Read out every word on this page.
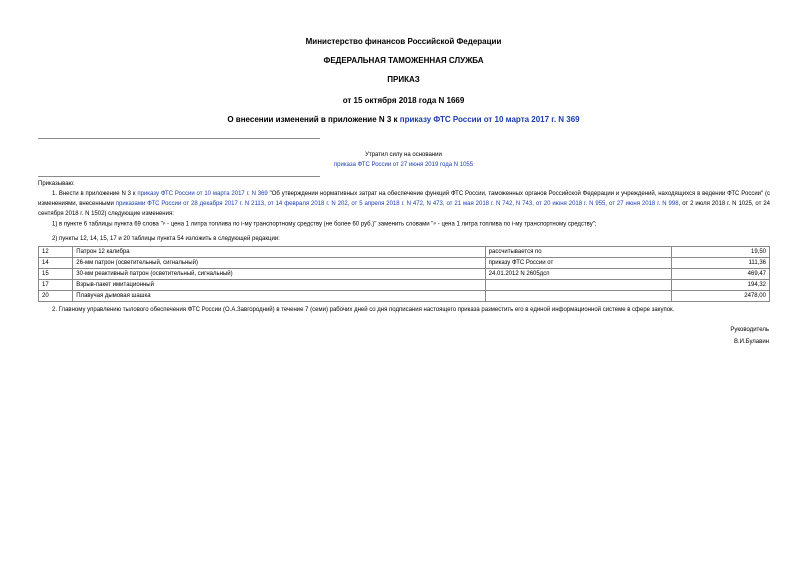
Министерство финансов Российской Федерации
ФЕДЕРАЛЬНАЯ ТАМОЖЕННАЯ СЛУЖБА
ПРИКАЗ
от 15 октября 2018 года N 1669
О внесении изменений в приложение N 3 к приказу ФТС России от 10 марта 2017 г. N 369
Утратил силу на основании
приказа ФТС России от 27 июня 2019 года N 1055
Приказываю:
1. Внести в приложение N 3 к приказу ФТС России от 10 марта 2017 г. N 369 "Об утверждении нормативных затрат на обеспечение функций ФТС России, таможенных органов Российской Федерации и учреждений, находящихся в ведении ФТС России" (с изменениями, внесенными приказами ФТС России от 28 декабря 2017 г. N 2113, от 14 февраля 2018 г. N 202, от 5 апреля 2018 г. N 472, N 473, от 21 мая 2018 г. N 742, N 743, от 20 июня 2018 г. N 955, от 27 июня 2018 г. N 998, от 2 июля 2018 г. N 1025, от 24 сентября 2018 г. N 1502) следующие изменения:
1) в пункте 6 таблицы пункта 69 слова "P - цена 1 литра топлива по i-му транспортному средству (не более 60 руб.)" заменить словами "P - цена 1 литра топлива по i-му транспортному средству";
2) пункты 12, 14, 15, 17 и 20 таблицы пункта 54 изложить в следующей редакции:
12	Патрон 12 калибра	рассчитывается по	19,50
14	26-мм патрон (осветительный, сигнальный)	приказу ФТС России от	111,36
15	30-мм реактивный патрон (осветительный, сигнальный)	24.01.2012 N 2605дсп	469,47
17	Взрыв-пакет имитационный		194,32
20	Плавучая дымовая шашка		2478,00
2. Главному управлению тылового обеспечения ФТС России (О.А.Завгородний) в течение 7 (семи) рабочих дней со дня подписания настоящего приказа разместить его в единой информационной системе в сфере закупок.
Руководитель
В.И.Булавин
